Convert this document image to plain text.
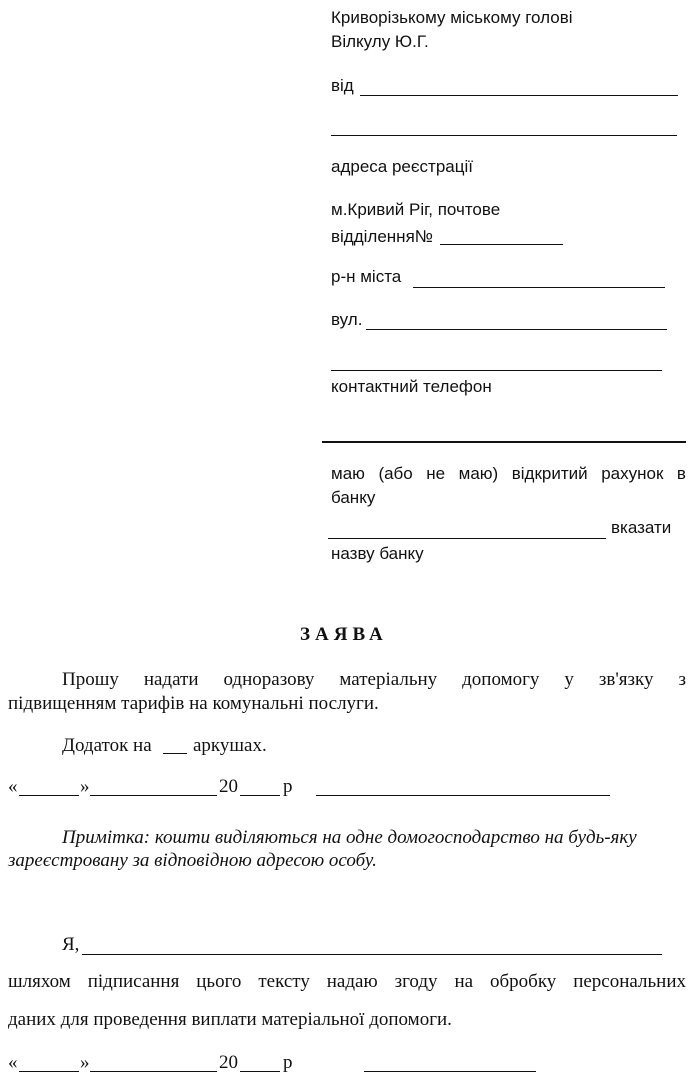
Криворізькому міському голові
Вілкулу Ю.Г.
від
адреса реєстрації
м.Кривий Ріг, почтове
відділення№
р-н міста
вул.
контактний телефон
маю (або не маю) відкритий рахунок в
банку
вказати
назву банку
ЗАЯВА
Прошу надати одноразову матеріальну допомогу у зв'язку з
підвищенням тарифів на комунальні послуги.
Додаток на аркушах.
«	»	20 р
Примітка: кошти виділяються на одне домогосподарство на будь-яку
зареєстровану за відповідною адресою особу.
Я,
шляхом підписання цього тексту надаю згоду на обробку персональних
даних для проведення виплати матеріальної допомоги.
«	»	20 р
